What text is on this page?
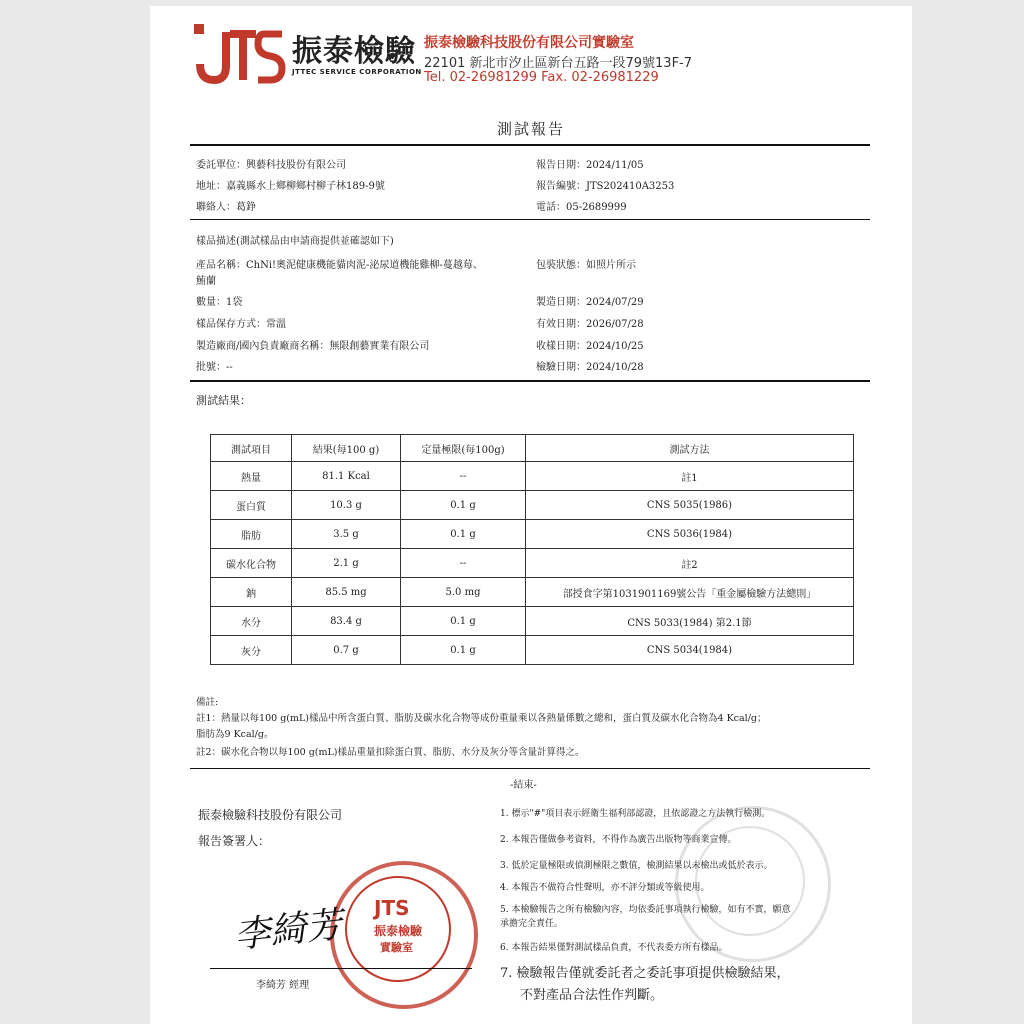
振泰檢驗
JTTEC SERVICE CORPORATION
振泰檢驗科技股份有限公司實驗室
22101 新北市汐止區新台五路一段79號13F-7
Tel. 02-26981299 Fax. 02-26981229
測試報告
委託單位：興藝科技股份有限公司
地址：嘉義縣水上鄉柳鄉村柳子林189-9號
聯絡人：葛錚
報告日期：2024/11/05
報告編號：JTS202410A3253
電話：05-2689999
樣品描述(測試樣品由申請商提供並確認如下)
產品名稱：ChNi!奧泥健康機能貓肉泥-泌尿道機能雞柳-蔓越莓、
鮪蘭
包裝狀態：如照片所示
數量：1袋	製造日期：2024/07/29
樣品保存方式：常溫	有效日期：2026/07/28
製造廠商/國內負責廠商名稱：無限創藝實業有限公司	收樣日期：2024/10/25
批號：--	檢驗日期：2024/10/28
測試結果：
測試項目	結果(每100 g)	定量極限(每100g)	測試方法
熱量	81.1 Kcal	--	註1
蛋白質	10.3 g	0.1 g	CNS 5035(1986)
脂肪	3.5 g	0.1 g	CNS 5036(1984)
碳水化合物	2.1 g	--	註2
鈉	85.5 mg	5.0 mg	部授食字第1031901169號公告「重金屬檢驗方法總則」
水分	83.4 g	0.1 g	CNS 5033(1984) 第2.1節
灰分	0.7 g	0.1 g	CNS 5034(1984)
備註:
註1：熱量以每100 g(mL)樣品中所含蛋白質、脂肪及碳水化合物等成份重量乘以各熱量係數之總和，蛋白質及碳水化合物為4 Kcal/g；
脂肪為9 Kcal/g。
註2：碳水化合物以每100 g(mL)樣品重量扣除蛋白質、脂肪、水分及灰分等含量計算得之。
-結束-
振泰檢驗科技股份有限公司
報告簽署人：
JTS
振泰檢驗
實驗室
李綺芳
李綺芳 經理
1. 標示"#"項目表示經衛生福利部認證，且依認證之方法執行檢測。
2. 本報告僅做參考資料，不得作為廣告出版物等商業宣傳。
3. 低於定量極限或偵測極限之數值，檢測結果以未檢出或低於表示。
4. 本報告不做符合性聲明，亦不評分類或等級使用。
5. 本檢驗報告之所有檢驗內容，均依委託事項執行檢驗，如有不實，願意
承擔完全責任。
6. 本報告結果僅對測試樣品負責，不代表委方所有樣品。
7. 檢驗報告僅就委託者之委託事項提供檢驗結果，
不對產品合法性作判斷。
